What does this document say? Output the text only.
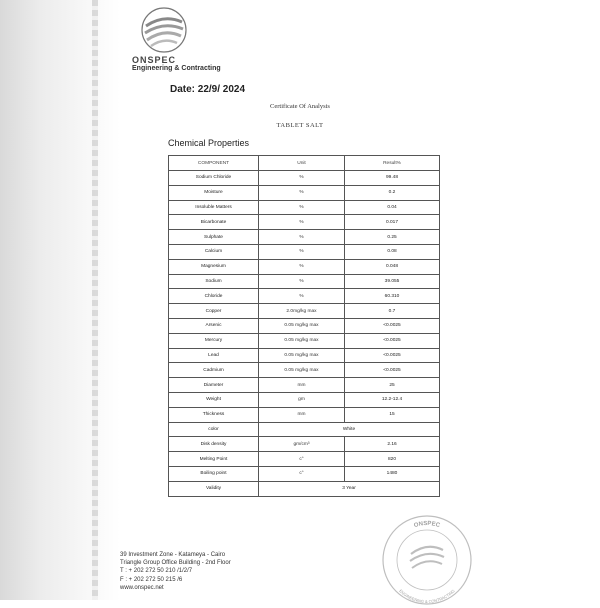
ONSPEC
Engineering & Contracting
Date: 22/9/ 2024
Certificate Of Analysis
TABLET SALT
Chemical Properties
COMPONENT	Unit	Result%
Sodium Chloride	%	99.48
Moisture	%	0.2
Insoluble Matters	%	0.04
Bicarbonate	%	0.017
Sulphate	%	0.25
Calcium	%	0.08
Magnesium	%	0.048
Sodium	%	39.055
Chloride	%	60.310
Copper	2.0mg/kg max	0.7
Arsenic	0.05 mg/kg max	<0.0025
Mercury	0.05 mg/kg max	<0.0025
Lead	0.05 mg/kg max	<0.0025
Cadmium	0.05 mg/kg max	<0.0025
Diameter	mm	25
Weight	gm	12.2-12.4
Thickness	mm	15
color	White	
Disk density	gm/cm³	2.16
Melting Point	c°	820
Boiling point	c°	1480
Validity	3 Year	
39 Investment Zone - Katameya - Cairo
Triangle Group Office Building - 2nd Floor
T : + 202 272 50 210 /1/2/7
F : + 202 272 50 215 /6
www.onspec.net
ONSPEC
ENGINEERING & CONTRACTING
